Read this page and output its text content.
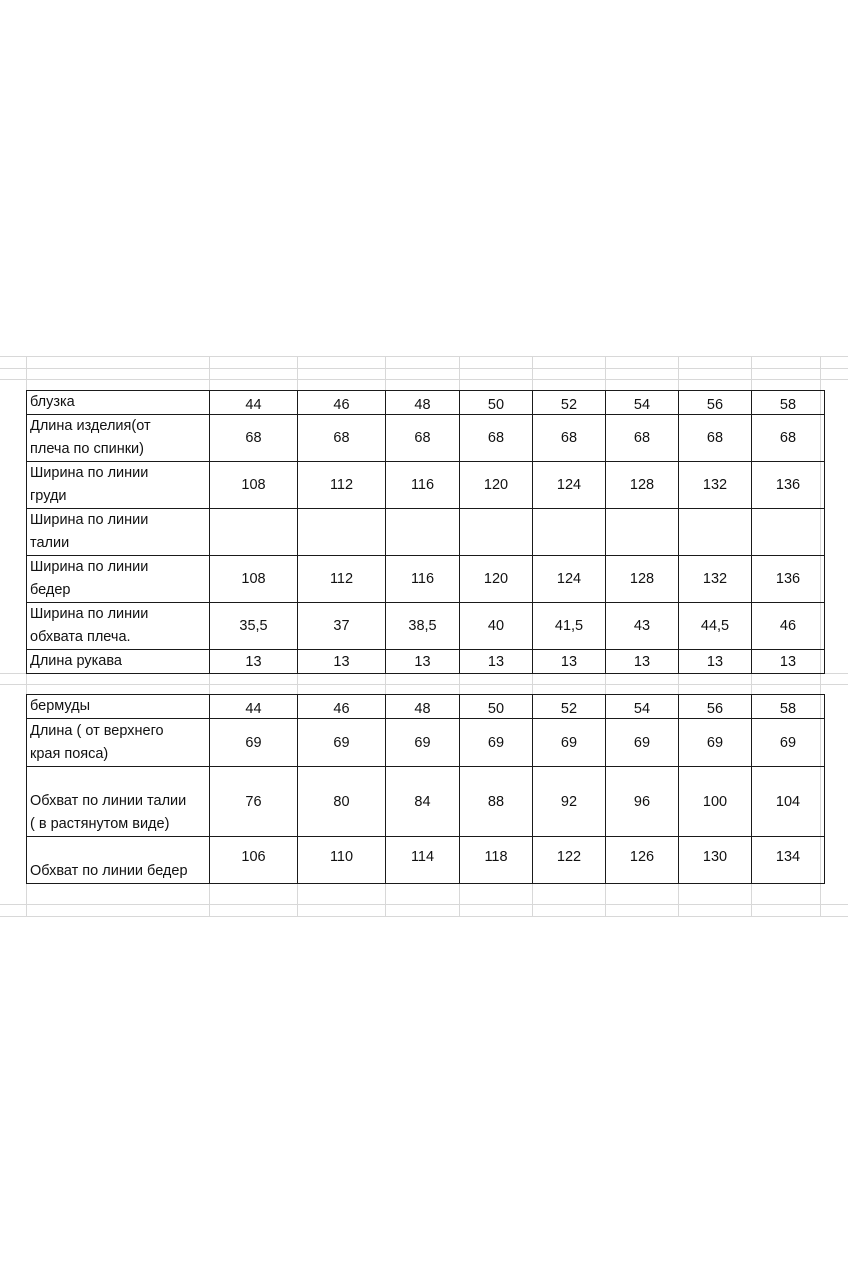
блузка	44	46	48	50	52	54	56	58

Длина изделия(от
плеча по спинки)	68	68	68	68	68	68	68	68

Ширина по линии
груди	108	112	116	120	124	128	132	136

Ширина по линии
талии								

Ширина по линии
бедер	108	112	116	120	124	128	132	136

Ширина по линии
обхвата плеча.	35,5	37	38,5	40	41,5	43	44,5	46

Длина рукава	13	13	13	13	13	13	13	13
бермуды	44	46	48	50	52	54	56	58

Длина ( от верхнего
края пояса)	69	69	69	69	69	69	69	69

Обхват по линии талии
( в растянутом виде)	76	80	84	88	92	96	100	104

Обхват по линии бедер	106	110	114	118	122	126	130	134
